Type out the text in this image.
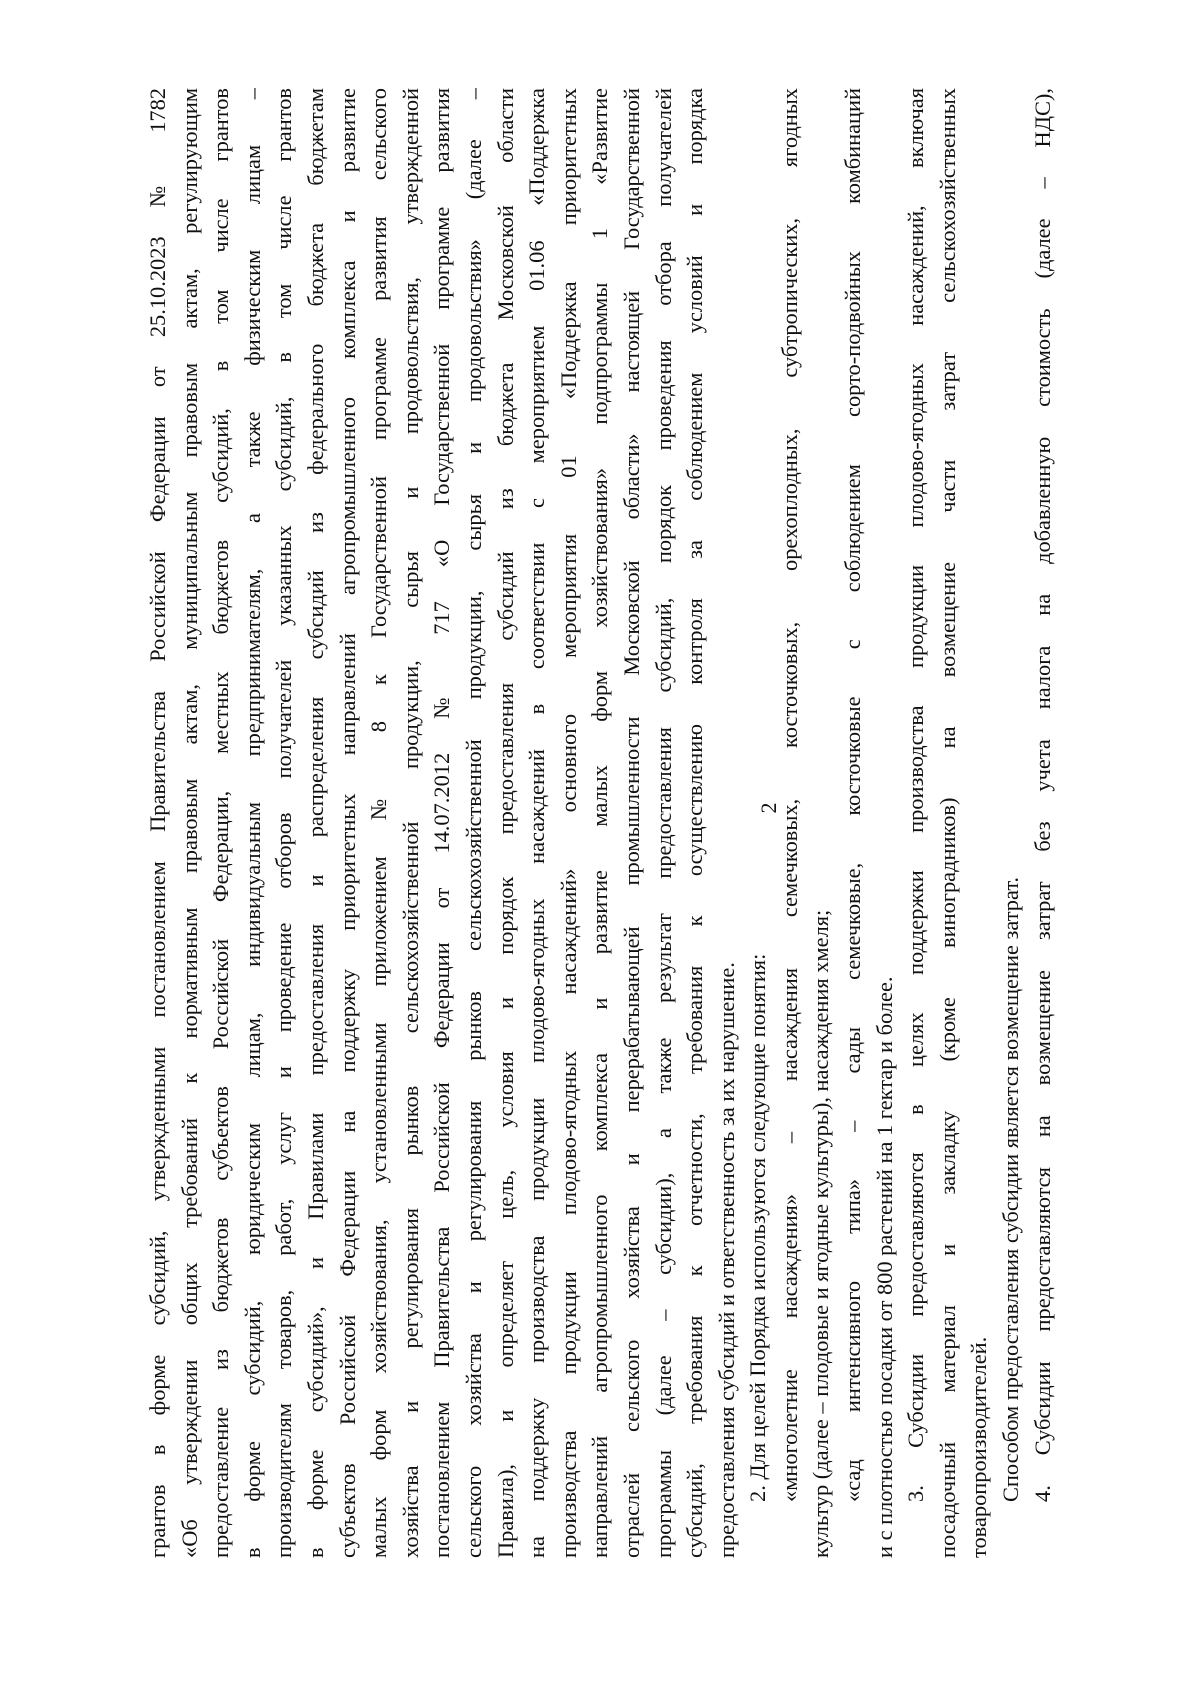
2
грантов в форме субсидий, утвержденными постановлением Правительства Российской Федерации от 25.10.2023 № 1782 «Об утверждении общих требований к нормативным правовым актам, муниципальным правовым актам, регулирующим предоставление из бюджетов субъектов Российской Федерации, местных бюджетов субсидий, в том числе грантов в форме субсидий, юридическим лицам, индивидуальным предпринимателям, а также физическим лицам – производителям товаров, работ, услуг и проведение отборов получателей указанных субсидий, в том числе грантов в форме субсидий», и Правилами предоставления и распределения субсидий из федерального бюджета бюджетам субъектов Российской Федерации на поддержку приоритетных направлений агропромышленного комплекса и развитие малых форм хозяйствования, установленными приложением № 8 к Государственной программе развития сельского хозяйства и регулирования рынков сельскохозяйственной продукции, сырья и продовольствия, утвержденной постановлением Правительства Российской Федерации от 14.07.2012 № 717 «О Государственной программе развития сельского хозяйства и регулирования рынков сельскохозяйственной продукции, сырья и продовольствия» (далее – Правила), и определяет цель, условия и порядок предоставления субсидий из бюджета Московской области на поддержку производства продукции плодово-ягодных насаждений в соответствии с мероприятием 01.06 «Поддержка производства продукции плодово-ягодных насаждений» основного мероприятия 01 «Поддержка приоритетных направлений агропромышленного комплекса и развитие малых форм хозяйствования» подпрограммы 1 «Развитие отраслей сельского хозяйства и перерабатывающей промышленности Московской области» настоящей Государственной программы (далее – субсидии), а также результат предоставления субсидий, порядок проведения отбора получателей субсидий, требования к отчетности, требования к осуществлению контроля за соблюдением условий и порядка предоставления субсидий и ответственность за их нарушение. 2. Для целей Порядка используются следующие понятия: «многолетние насаждения» – насаждения семечковых, косточковых, орехоплодных, субтропических, ягодных культур (далее – плодовые и ягодные культуры), насаждения хмеля; «сад интенсивного типа» – сады семечковые, косточковые с соблюдением сорто-подвойных комбинаций и с плотностью посадки от 800 растений на 1 гектар и более. 3. Субсидии предоставляются в целях поддержки производства продукции плодово-ягодных насаждений, включая посадочный материал и закладку (кроме виноградников) на возмещение части затрат сельскохозяйственных товаропроизводителей. Способом предоставления субсидии является возмещение затрат. 4. Субсидии предоставляются на возмещение затрат без учета налога на добавленную стоимость (далее – НДС),
